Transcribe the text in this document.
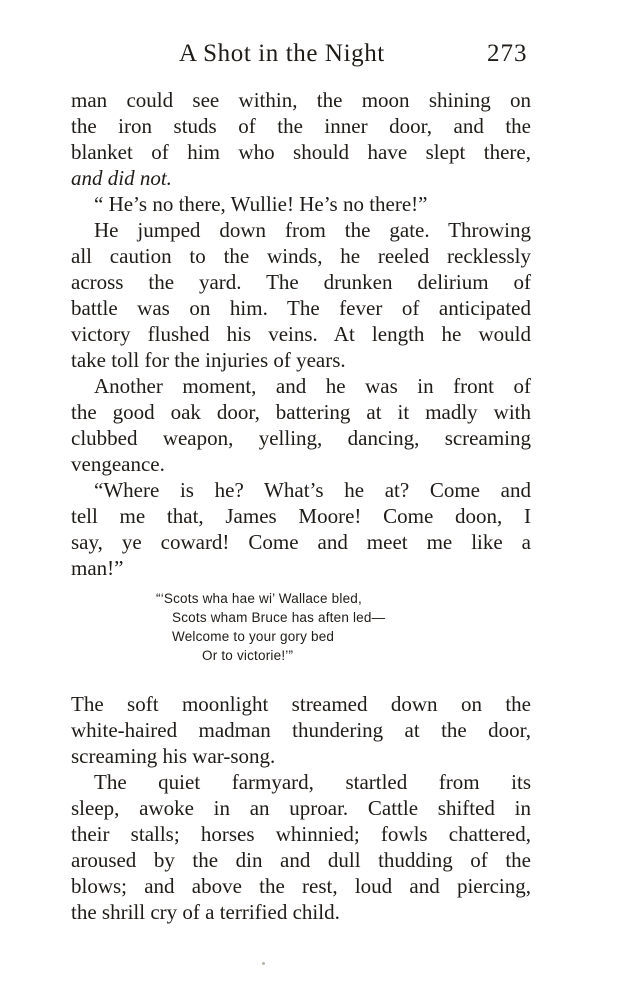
A Shot in the Night	273
man could see within, the moon shining on
the iron studs of the inner door, and the
blanket of him who should have slept there,
and did not.
“ He’s no there, Wullie! He’s no there!”
He jumped down from the gate. Throwing
all caution to the winds, he reeled recklessly
across the yard. The drunken delirium of
battle was on him. The fever of anticipated
victory flushed his veins. At length he would
take toll for the injuries of years.
Another moment, and he was in front of
the good oak door, battering at it madly with
clubbed weapon, yelling, dancing, screaming
vengeance.
“Where is he? What’s he at? Come and
tell me that, James Moore! Come doon, I
say, ye coward! Come and meet me like a
man!”
“‘Scots wha hae wi’ Wallace bled,
Scots wham Bruce has aften led—
Welcome to your gory bed
Or to victorie!’”
The soft moonlight streamed down on the
white-haired madman thundering at the door,
screaming his war-song.
The quiet farmyard, startled from its
sleep, awoke in an uproar. Cattle shifted in
their stalls; horses whinnied; fowls chattered,
aroused by the din and dull thudding of the
blows; and above the rest, loud and piercing,
the shrill cry of a terrified child.
